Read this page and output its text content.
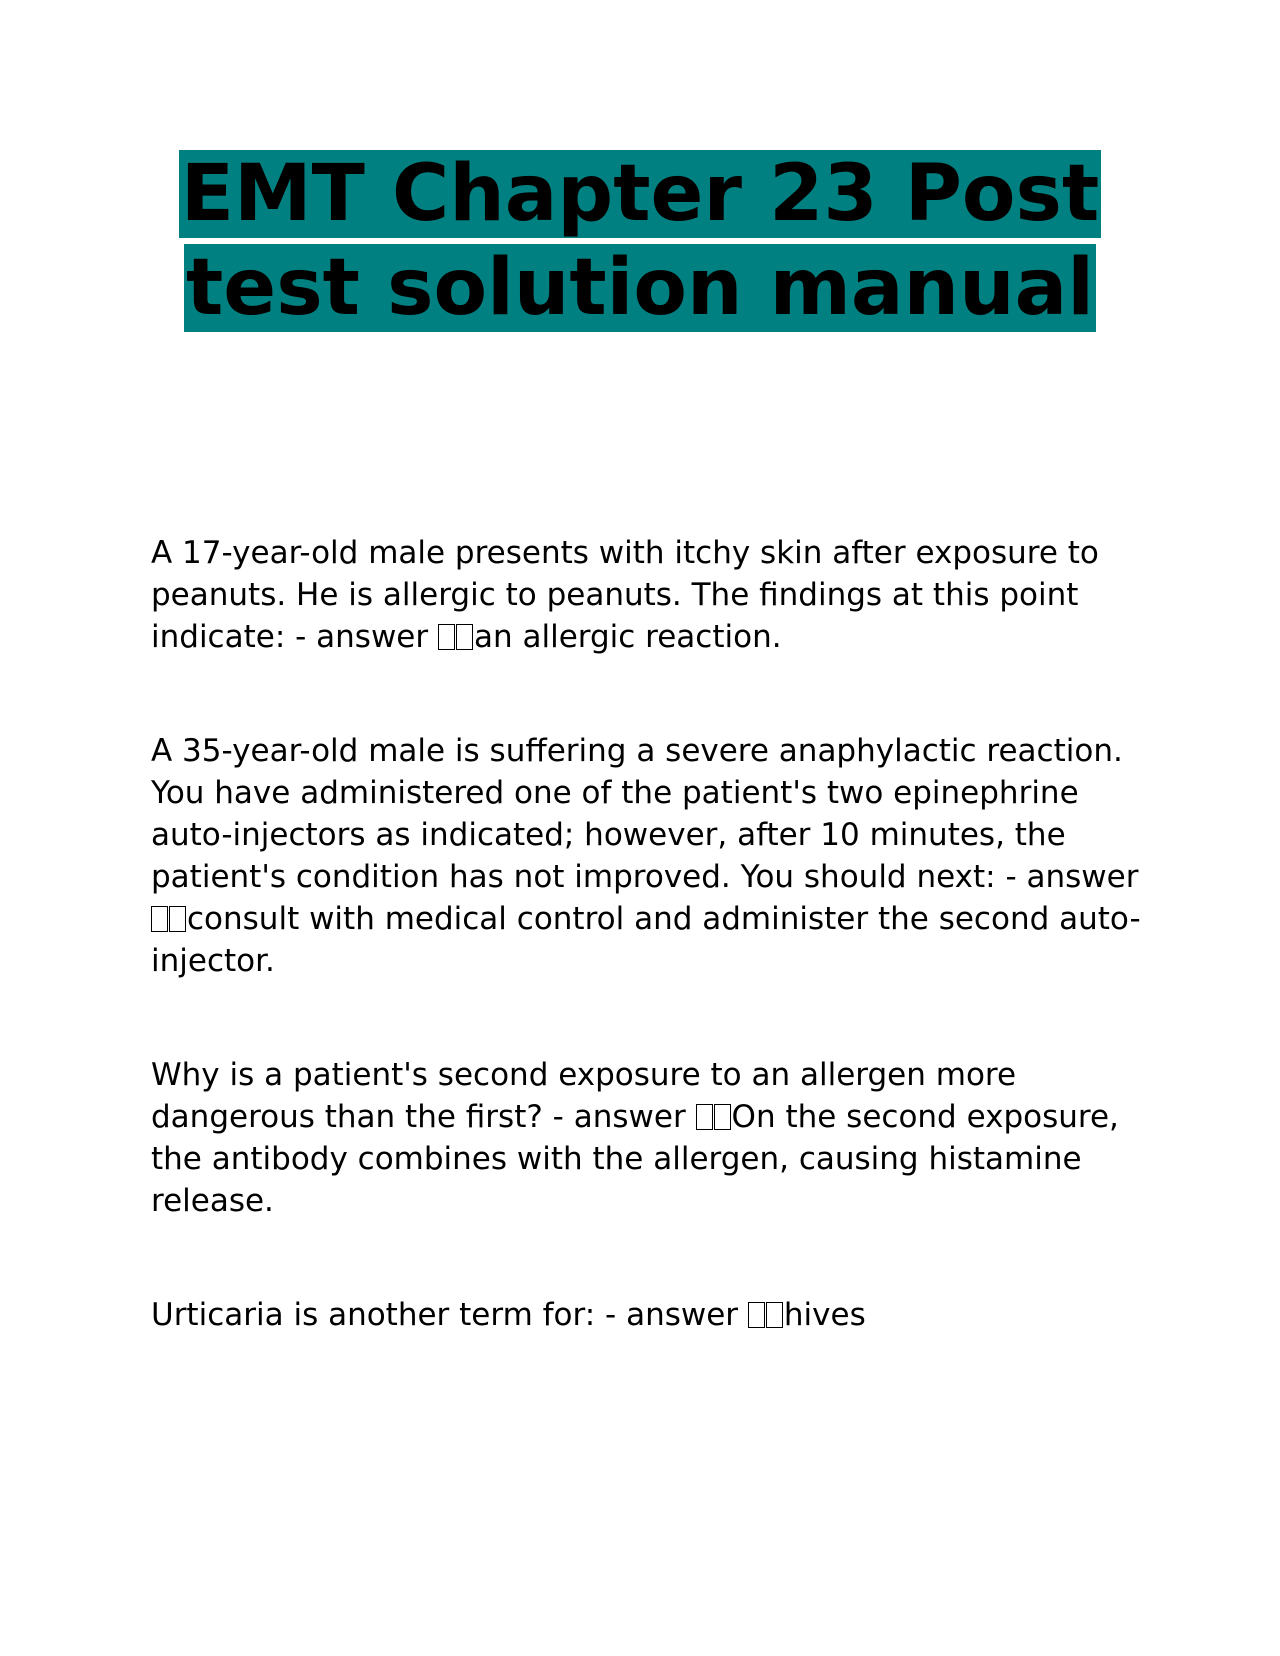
EMT Chapter 23 Post
test solution manual

A 17-year-old male presents with itchy skin after exposure to peanuts. He is allergic to peanuts. The findings at this point indicate: - answer an allergic reaction.

A 35-year-old male is suffering a severe anaphylactic reaction. You have administered one of the patient's two epinephrine auto-injectors as indicated; however, after 10 minutes, the patient's condition has not improved. You should next: - answer consult with medical control and administer the second auto-injector.

Why is a patient's second exposure to an allergen more dangerous than the first? - answer On the second exposure, the antibody combines with the allergen, causing histamine release.

Urticaria is another term for: - answer hives
